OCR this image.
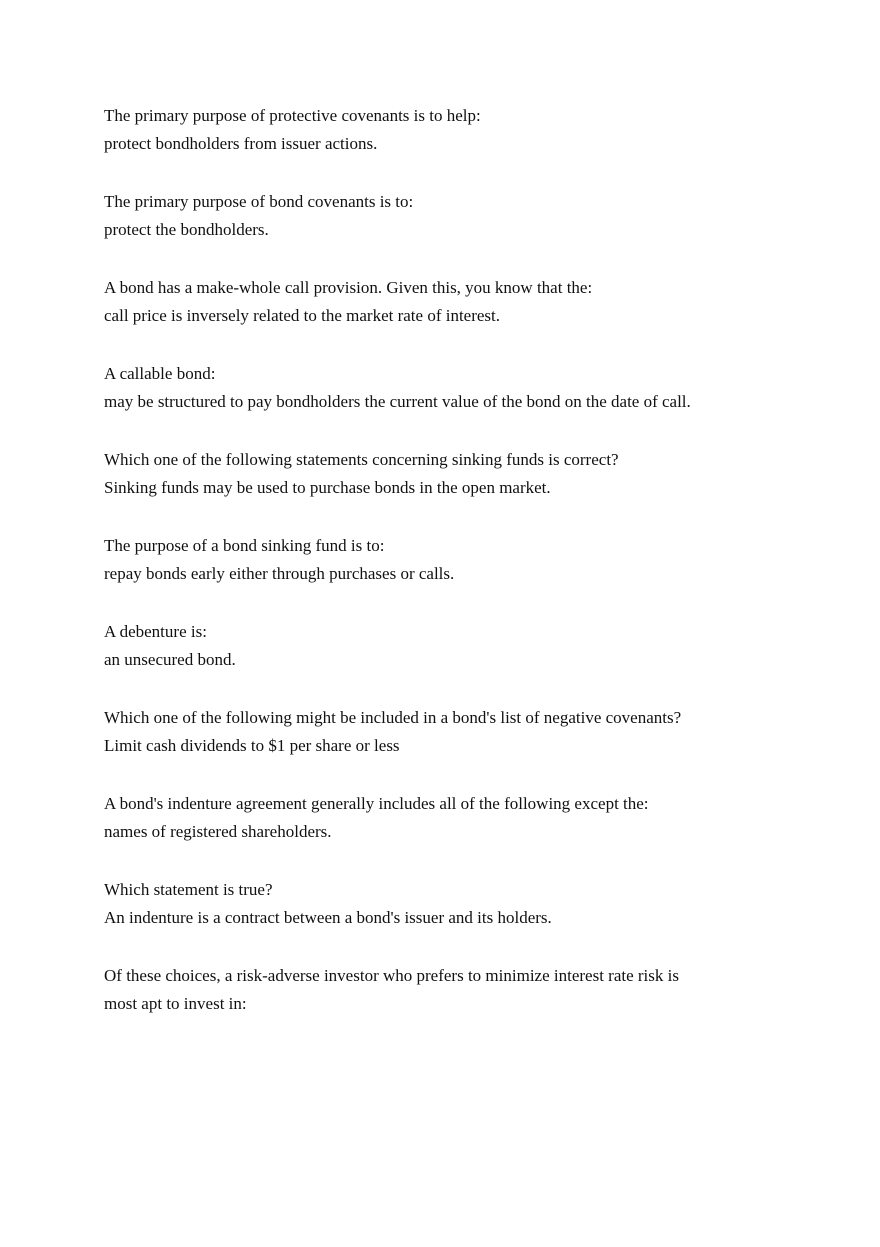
The primary purpose of protective covenants is to help:
protect bondholders from issuer actions.
The primary purpose of bond covenants is to:
protect the bondholders.
A bond has a make-whole call provision. Given this, you know that the:
call price is inversely related to the market rate of interest.
A callable bond:
may be structured to pay bondholders the current value of the bond on the date of call.
Which one of the following statements concerning sinking funds is correct?
Sinking funds may be used to purchase bonds in the open market.
The purpose of a bond sinking fund is to:
repay bonds early either through purchases or calls.
A debenture is:
an unsecured bond.
Which one of the following might be included in a bond's list of negative covenants?
Limit cash dividends to $1 per share or less
A bond's indenture agreement generally includes all of the following except the:
names of registered shareholders.
Which statement is true?
An indenture is a contract between a bond's issuer and its holders.
Of these choices, a risk-adverse investor who prefers to minimize interest rate risk is
most apt to invest in:
